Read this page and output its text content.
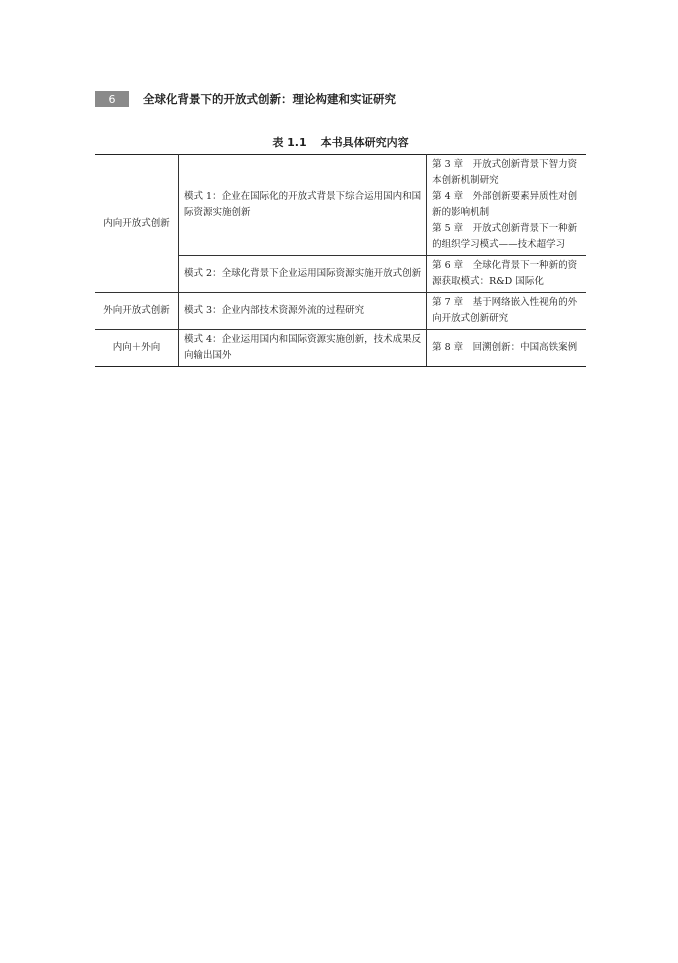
6	全球化背景下的开放式创新：理论构建和实证研究
表 1.1 本书具体研究内容
内向开放式创新	模式 1：企业在国际化的开放式背景下综合运用国内和国际资源实施创新	第 3 章　开放式创新背景下智力资本创新机制研究
第 4 章　外部创新要素异质性对创新的影响机制
第 5 章　开放式创新背景下一种新的组织学习模式——技术超学习

	模式 2：全球化背景下企业运用国际资源实施开放式创新	第 6 章　全球化背景下一种新的资源获取模式：R&D 国际化

外向开放式创新	模式 3：企业内部技术资源外流的过程研究	第 7 章　基于网络嵌入性视角的外向开放式创新研究

内向＋外向	模式 4：企业运用国内和国际资源实施创新，技术成果反向输出国外	第 8 章　回溯创新：中国高铁案例
